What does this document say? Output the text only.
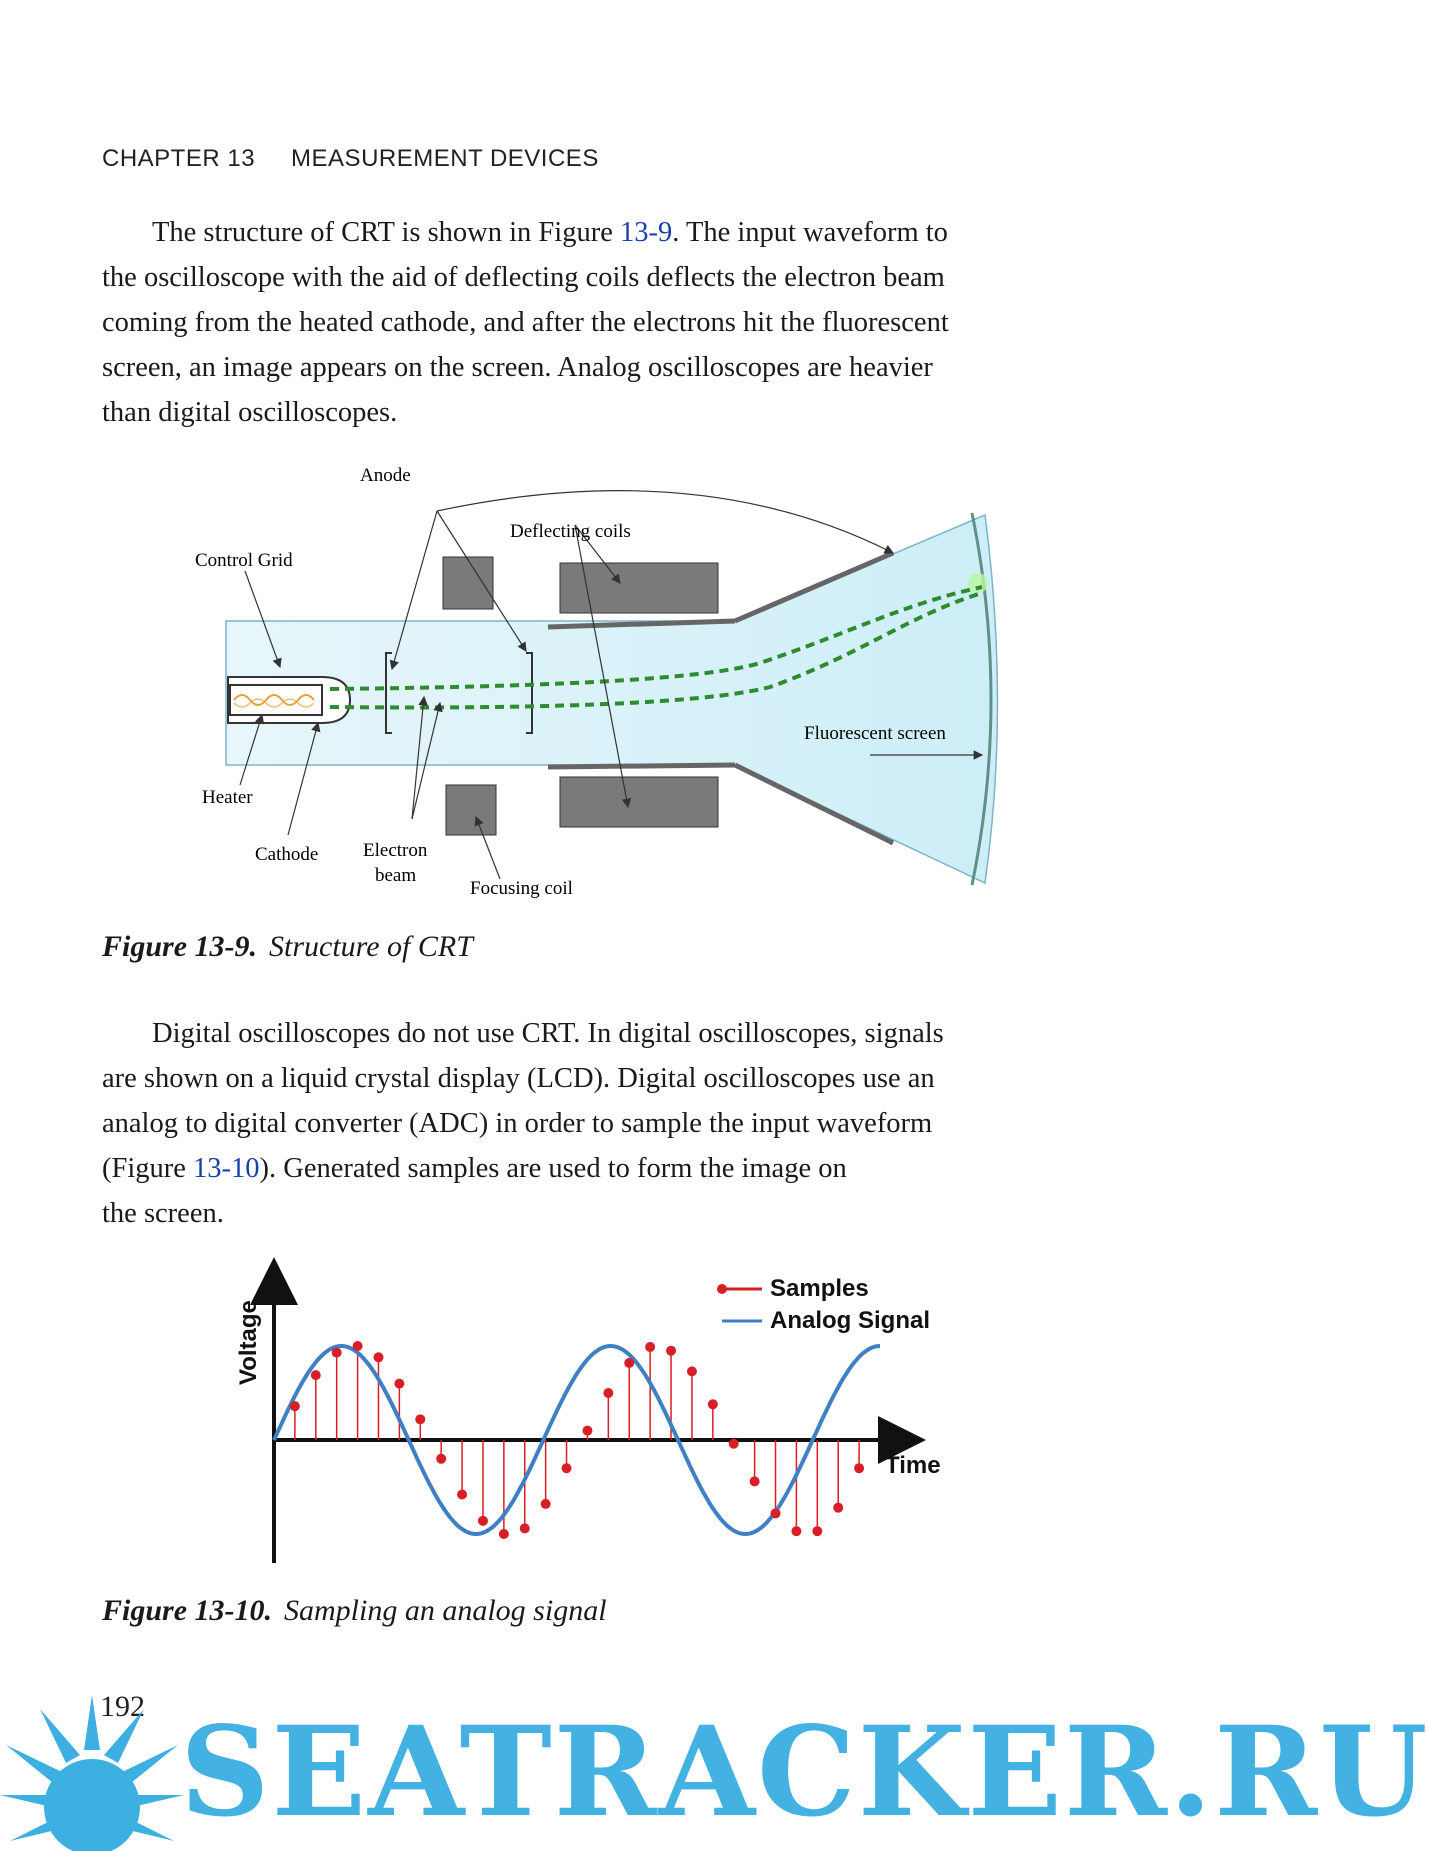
CHAPTER 13 MEASUREMENT DEVICES

The structure of CRT is shown in Figure 13-9. The input waveform to
the oscilloscope with the aid of deflecting coils deflects the electron beam
coming from the heated cathode, and after the electrons hit the fluorescent
screen, an image appears on the screen. Analog oscilloscopes are heavier
than digital oscilloscopes.

Anode
Deflecting coils
Control Grid
Fluorescent screen
Heater
Cathode Electron
beam
Focusing coil
Figure 13-9. Structure of CRT

Digital oscilloscopes do not use CRT. In digital oscilloscopes, signals
are shown on a liquid crystal display (LCD). Digital oscilloscopes use an
analog to digital converter (ADC) in order to sample the input waveform
(Figure 13-10). Generated samples are used to form the image on
the screen.

Voltage
Time
Samples
Analog Signal
Figure 13-10. Sampling an analog signal
192 SEATRACKER.RU
